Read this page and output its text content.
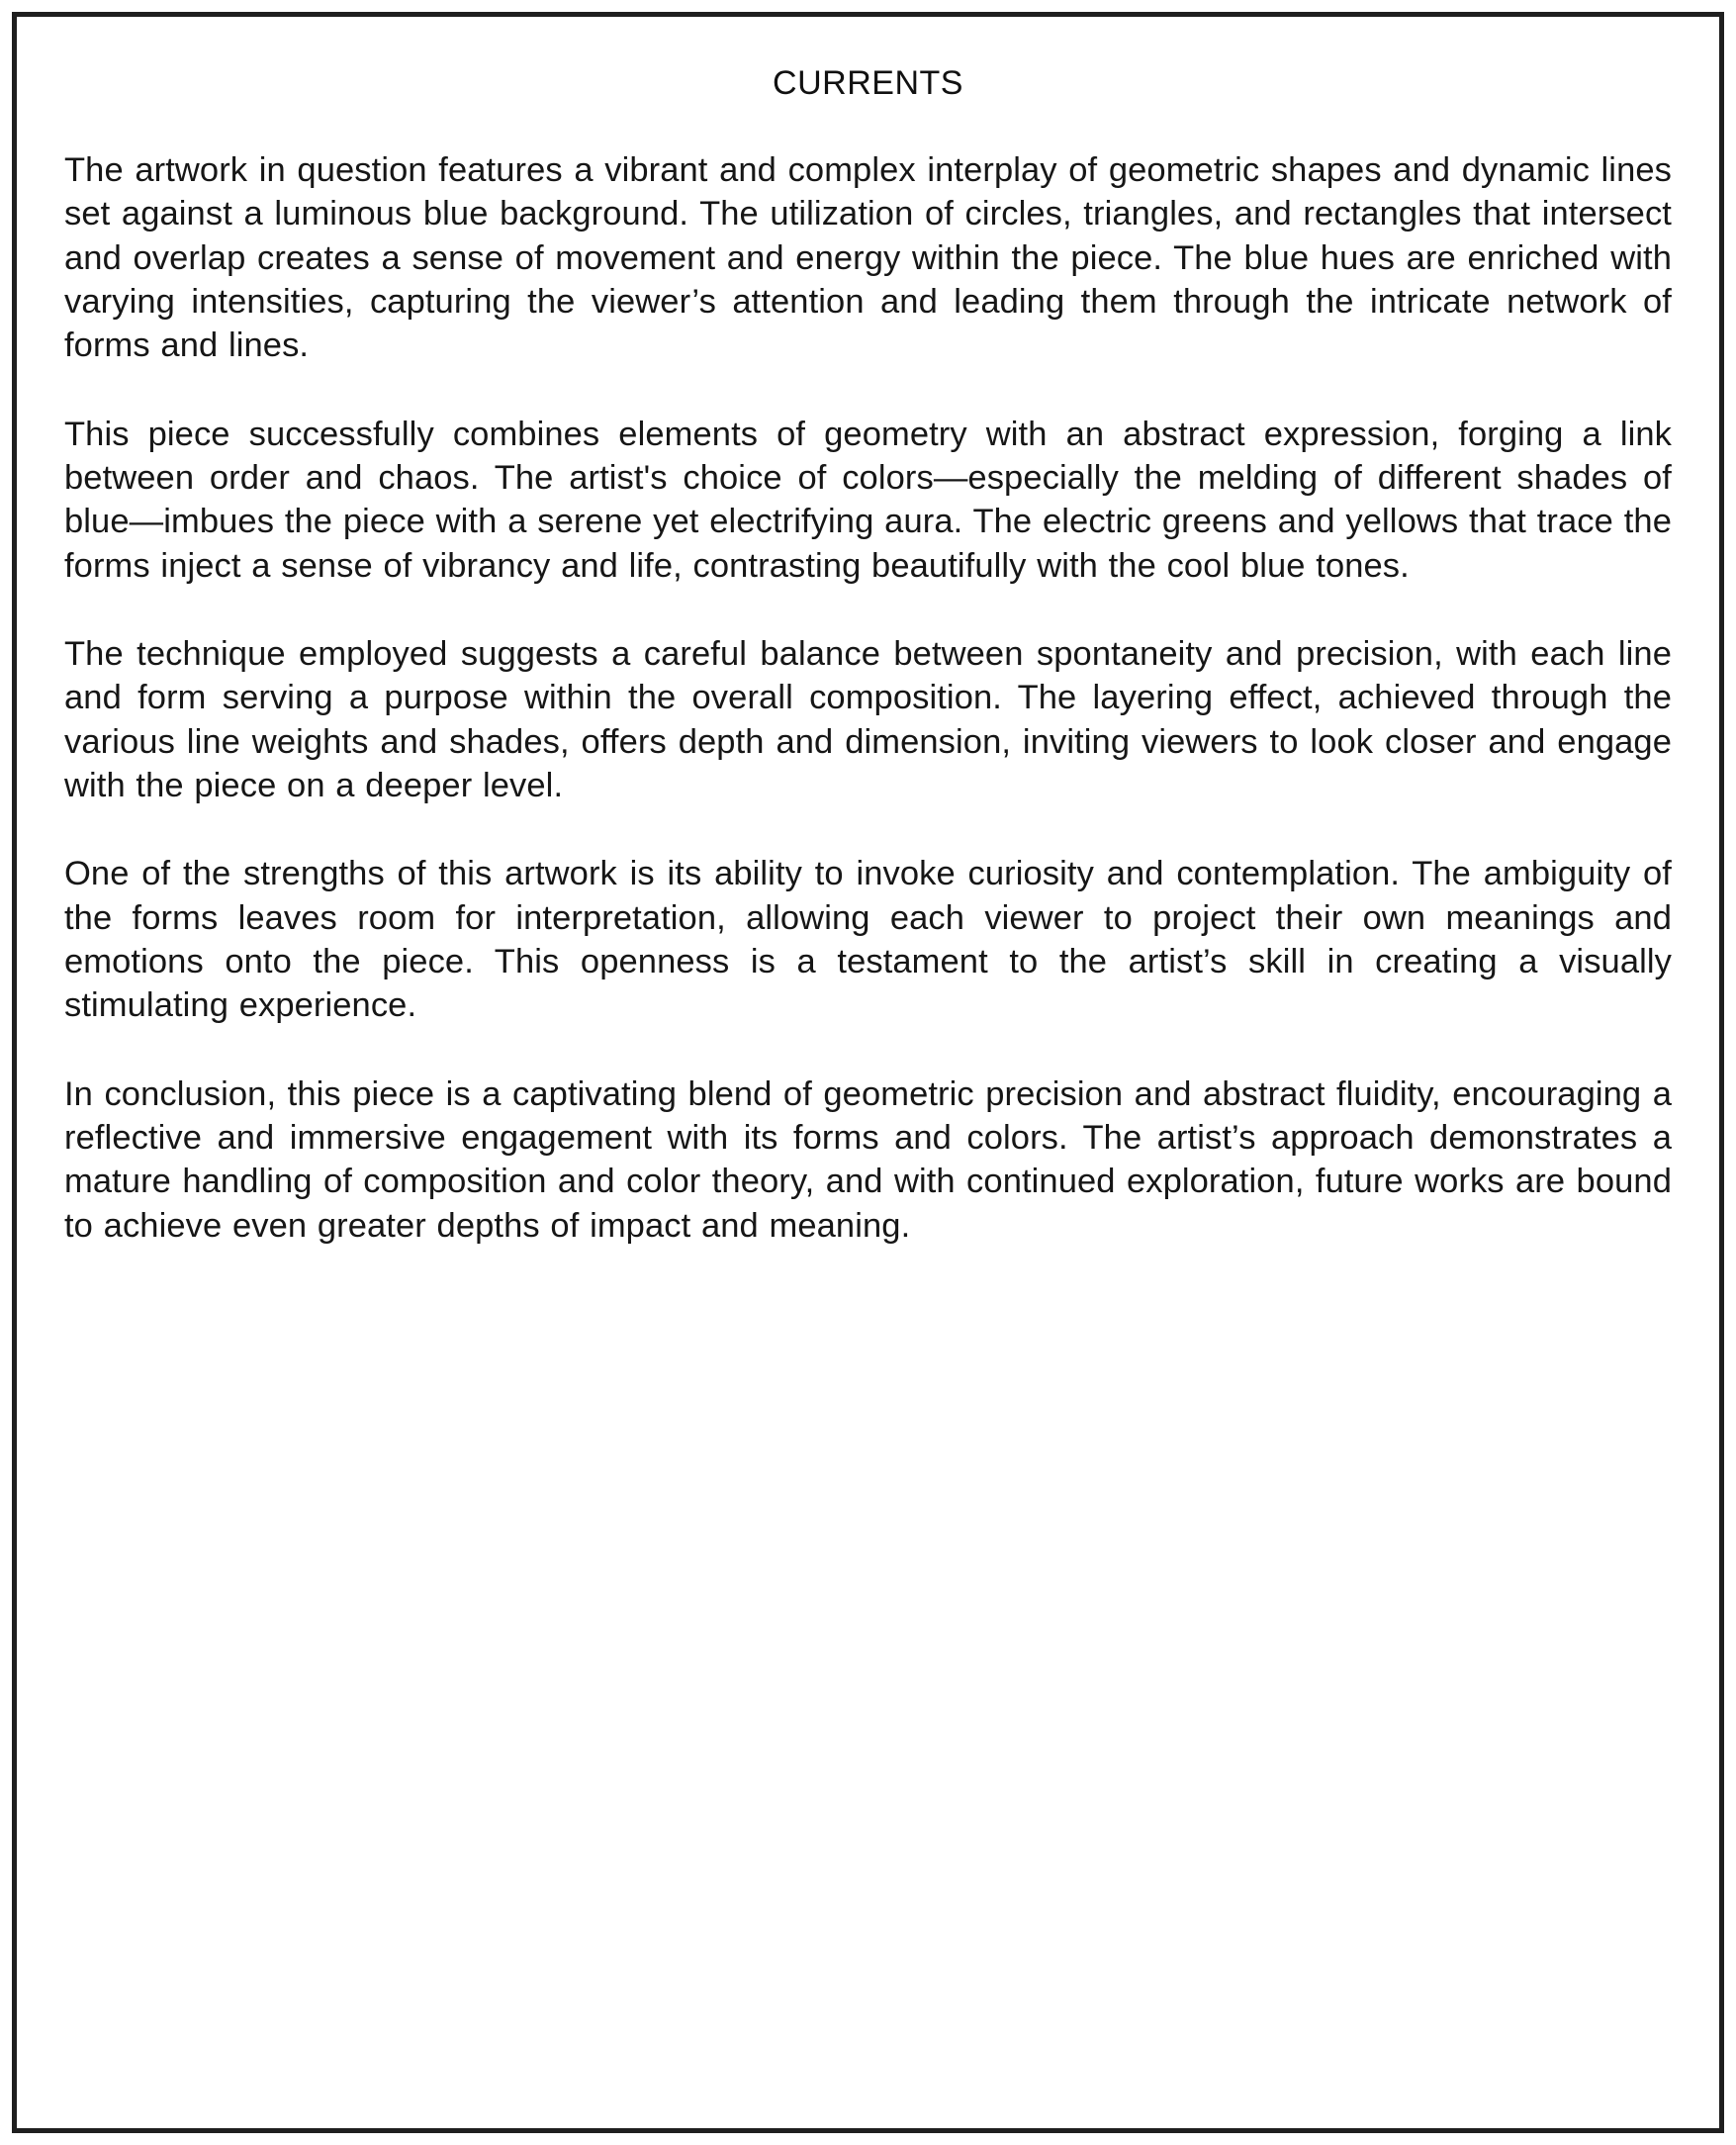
CURRENTS

The artwork in question features a vibrant and complex interplay of geometric shapes and dynamic lines set against a luminous blue background. The utilization of circles, triangles, and rectangles that intersect and overlap creates a sense of movement and energy within the piece. The blue hues are enriched with varying intensities, capturing the viewer’s attention and leading them through the intricate network of forms and lines.

This piece successfully combines elements of geometry with an abstract expression, forging a link between order and chaos. The artist's choice of colors—especially the melding of different shades of blue—imbues the piece with a serene yet electrifying aura. The electric greens and yellows that trace the forms inject a sense of vibrancy and life, contrasting beautifully with the cool blue tones.

The technique employed suggests a careful balance between spontaneity and precision, with each line and form serving a purpose within the overall composition. The layering effect, achieved through the various line weights and shades, offers depth and dimension, inviting viewers to look closer and engage with the piece on a deeper level.

One of the strengths of this artwork is its ability to invoke curiosity and contemplation. The ambiguity of the forms leaves room for interpretation, allowing each viewer to project their own meanings and emotions onto the piece. This openness is a testament to the artist’s skill in creating a visually stimulating experience.

In conclusion, this piece is a captivating blend of geometric precision and abstract fluidity, encouraging a reflective and immersive engagement with its forms and colors. The artist’s approach demonstrates a mature handling of composition and color theory, and with continued exploration, future works are bound to achieve even greater depths of impact and meaning.
